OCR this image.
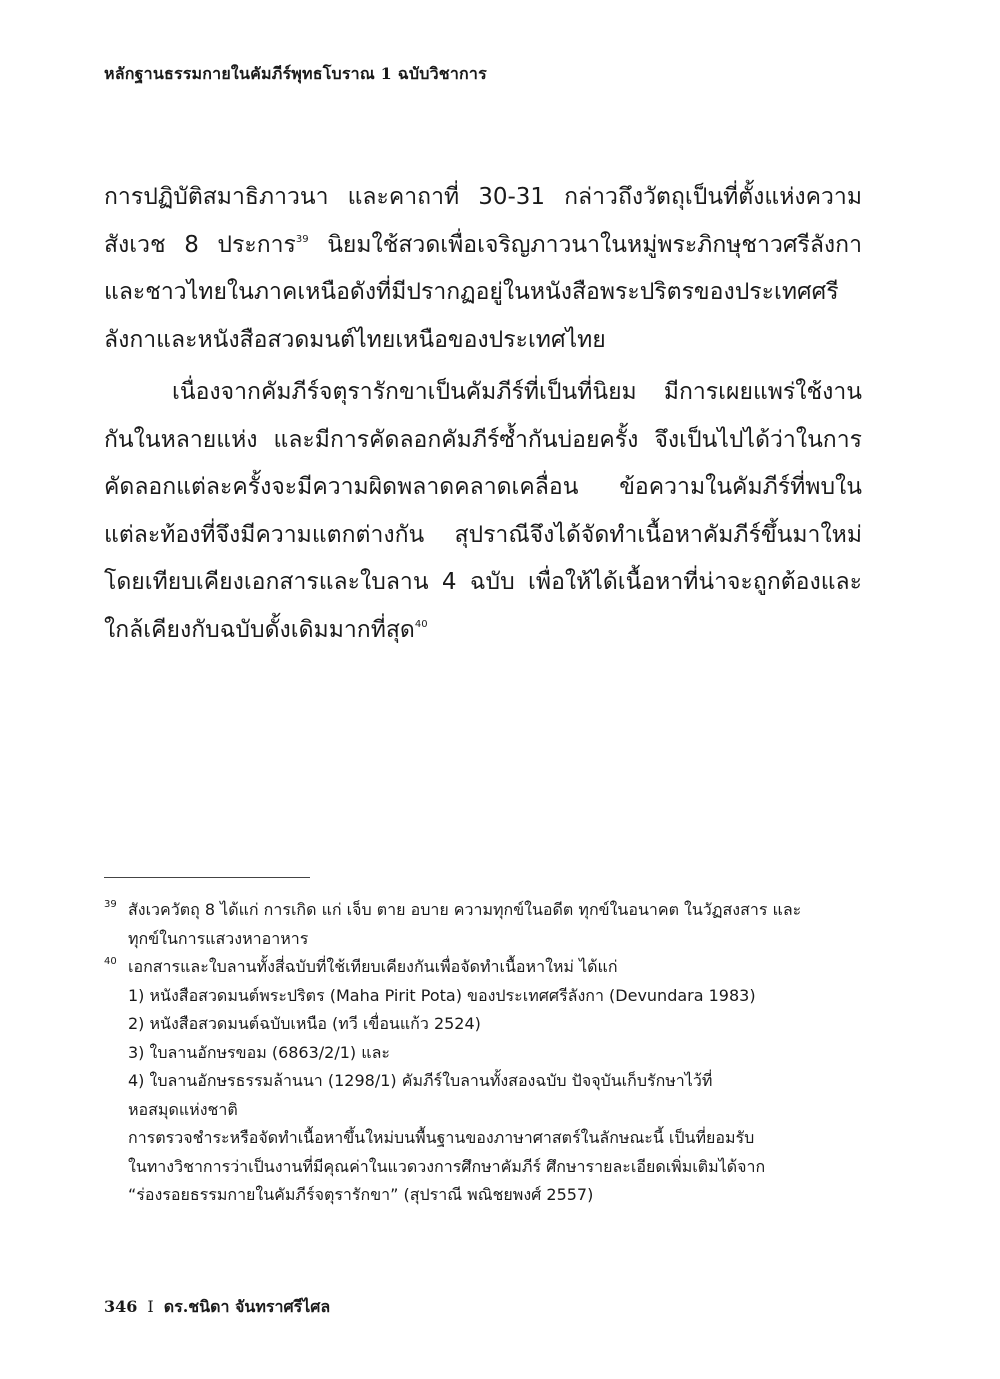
หลักฐานธรรมกายในคัมภีร์พุทธโบราณ 1 ฉบับวิชาการ

การปฏิบัติสมาธิภาวนา และคาถาที่ 30-31 กล่าวถึงวัตถุเป็นที่ตั้งแห่งความสังเวช 8 ประการ$^{39}$ นิยมใช้สวดเพื่อเจริญภาวนาในหมู่พระภิกษุชาวศรีลังกาและชาวไทยในภาคเหนือดังที่มีปรากฏอยู่ในหนังสือพระปริตรของประเทศศรีลังกาและหนังสือสวดมนต์ไทยเหนือของประเทศไทย

เนื่องจากคัมภีร์จตุรารักขาเป็นคัมภีร์ที่เป็นที่นิยม มีการเผยแพร่ใช้งานกันในหลายแห่ง และมีการคัดลอกคัมภีร์ซ้ำกันบ่อยครั้ง จึงเป็นไปได้ว่าในการคัดลอกแต่ละครั้งจะมีความผิดพลาดคลาดเคลื่อน ข้อความในคัมภีร์ที่พบในแต่ละท้องที่จึงมีความแตกต่างกัน สุปราณีจึงได้จัดทำเนื้อหาคัมภีร์ขึ้นมาใหม่โดยเทียบเคียงเอกสารและใบลาน 4 ฉบับ เพื่อให้ได้เนื้อหาที่น่าจะถูกต้องและใกล้เคียงกับฉบับดั้งเดิมมากที่สุด$^{40}$

39 สังเวควัตถุ 8 ได้แก่ การเกิด แก่ เจ็บ ตาย อบาย ความทุกข์ในอดีต ทุกข์ในอนาคต ในวัฏสงสาร และ
ทุกข์ในการแสวงหาอาหาร
40 เอกสารและใบลานทั้งสี่ฉบับที่ใช้เทียบเคียงกันเพื่อจัดทำเนื้อหาใหม่ ได้แก่
1) หนังสือสวดมนต์พระปริตร (Maha Pirit Pota) ของประเทศศรีลังกา (Devundara 1983)
2) หนังสือสวดมนต์ฉบับเหนือ (ทวี เขื่อนแก้ว 2524)
3) ใบลานอักษรขอม (6863/2/1) และ
4) ใบลานอักษรธรรมล้านนา (1298/1) คัมภีร์ใบลานทั้งสองฉบับ ปัจจุบันเก็บรักษาไว้ที่
หอสมุดแห่งชาติ
การตรวจชำระหรือจัดทำเนื้อหาขึ้นใหม่บนพื้นฐานของภาษาศาสตร์ในลักษณะนี้ เป็นที่ยอมรับ
ในทางวิชาการว่าเป็นงานที่มีคุณค่าในแวดวงการศึกษาคัมภีร์ ศึกษารายละเอียดเพิ่มเติมได้จาก
“ร่องรอยธรรมกายในคัมภีร์จตุรารักขา” (สุปราณี พณิชยพงศ์ 2557)
346 I ดร.ชนิดา จันทราศรีไศล
